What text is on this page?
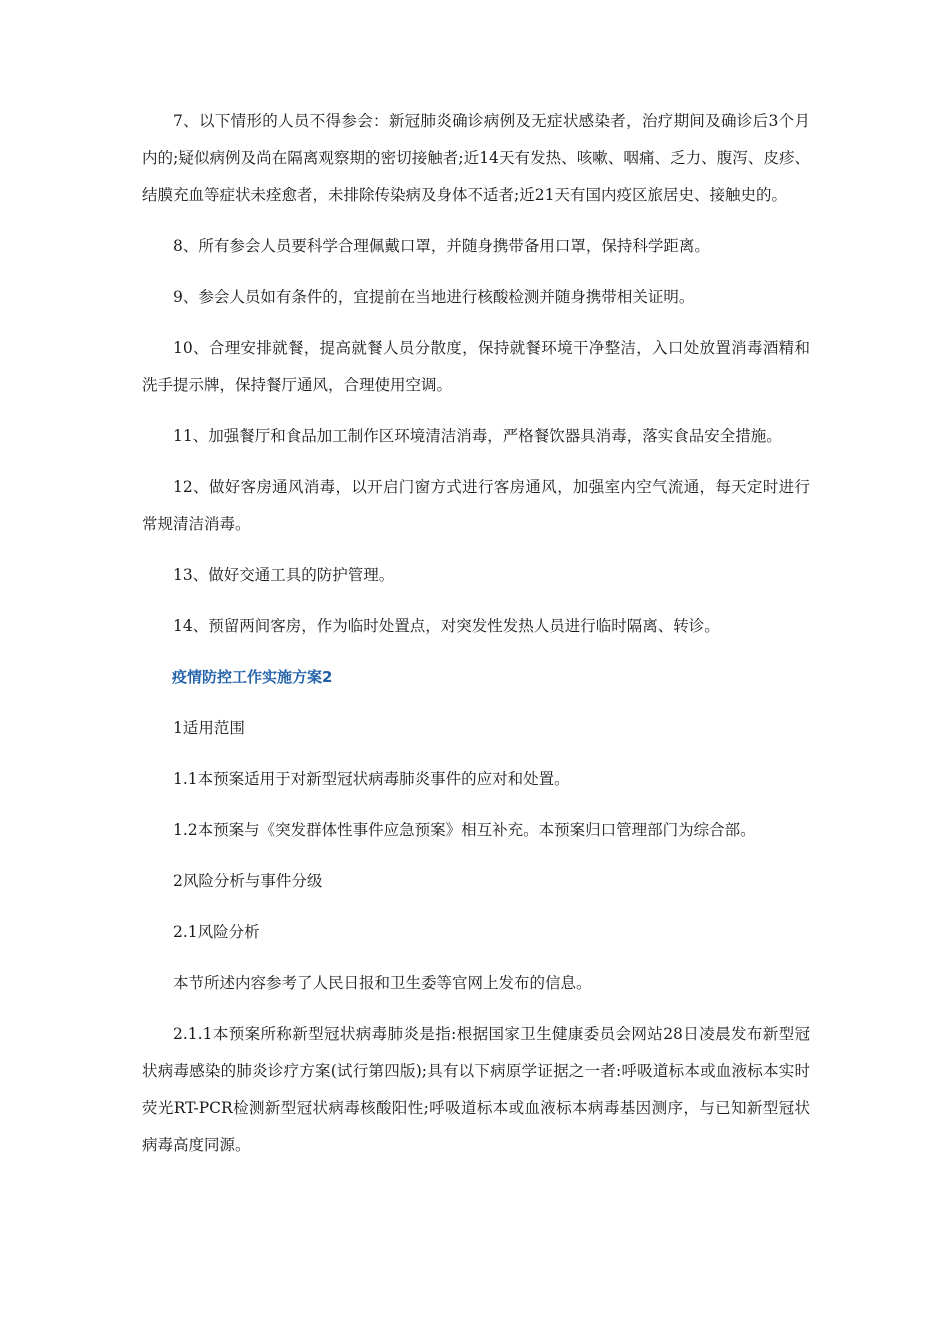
7、以下情形的人员不得参会：新冠肺炎确诊病例及无症状感染者，治疗期间及确诊后3个月内的;疑似病例及尚在隔离观察期的密切接触者;近14天有发热、咳嗽、咽痛、乏力、腹泻、皮疹、结膜充血等症状未痊愈者，未排除传染病及身体不适者;近21天有国内疫区旅居史、接触史的。

8、所有参会人员要科学合理佩戴口罩，并随身携带备用口罩，保持科学距离。

9、参会人员如有条件的，宜提前在当地进行核酸检测并随身携带相关证明。

10、合理安排就餐，提高就餐人员分散度，保持就餐环境干净整洁，入口处放置消毒酒精和洗手提示牌，保持餐厅通风，合理使用空调。

11、加强餐厅和食品加工制作区环境清洁消毒，严格餐饮器具消毒，落实食品安全措施。

12、做好客房通风消毒，以开启门窗方式进行客房通风，加强室内空气流通，每天定时进行常规清洁消毒。

13、做好交通工具的防护管理。

14、预留两间客房，作为临时处置点，对突发性发热人员进行临时隔离、转诊。

疫情防控工作实施方案2

1适用范围

1.1本预案适用于对新型冠状病毒肺炎事件的应对和处置。

1.2本预案与《突发群体性事件应急预案》相互补充。本预案归口管理部门为综合部。

2风险分析与事件分级

2.1风险分析

本节所述内容参考了人民日报和卫生委等官网上发布的信息。

2.1.1本预案所称新型冠状病毒肺炎是指:根据国家卫生健康委员会网站28日凌晨发布新型冠状病毒感染的肺炎诊疗方案(试行第四版);具有以下病原学证据之一者:呼吸道标本或血液标本实时荧光RT-PCR检测新型冠状病毒核酸阳性;呼吸道标本或血液标本病毒基因测序，与已知新型冠状病毒高度同源。
